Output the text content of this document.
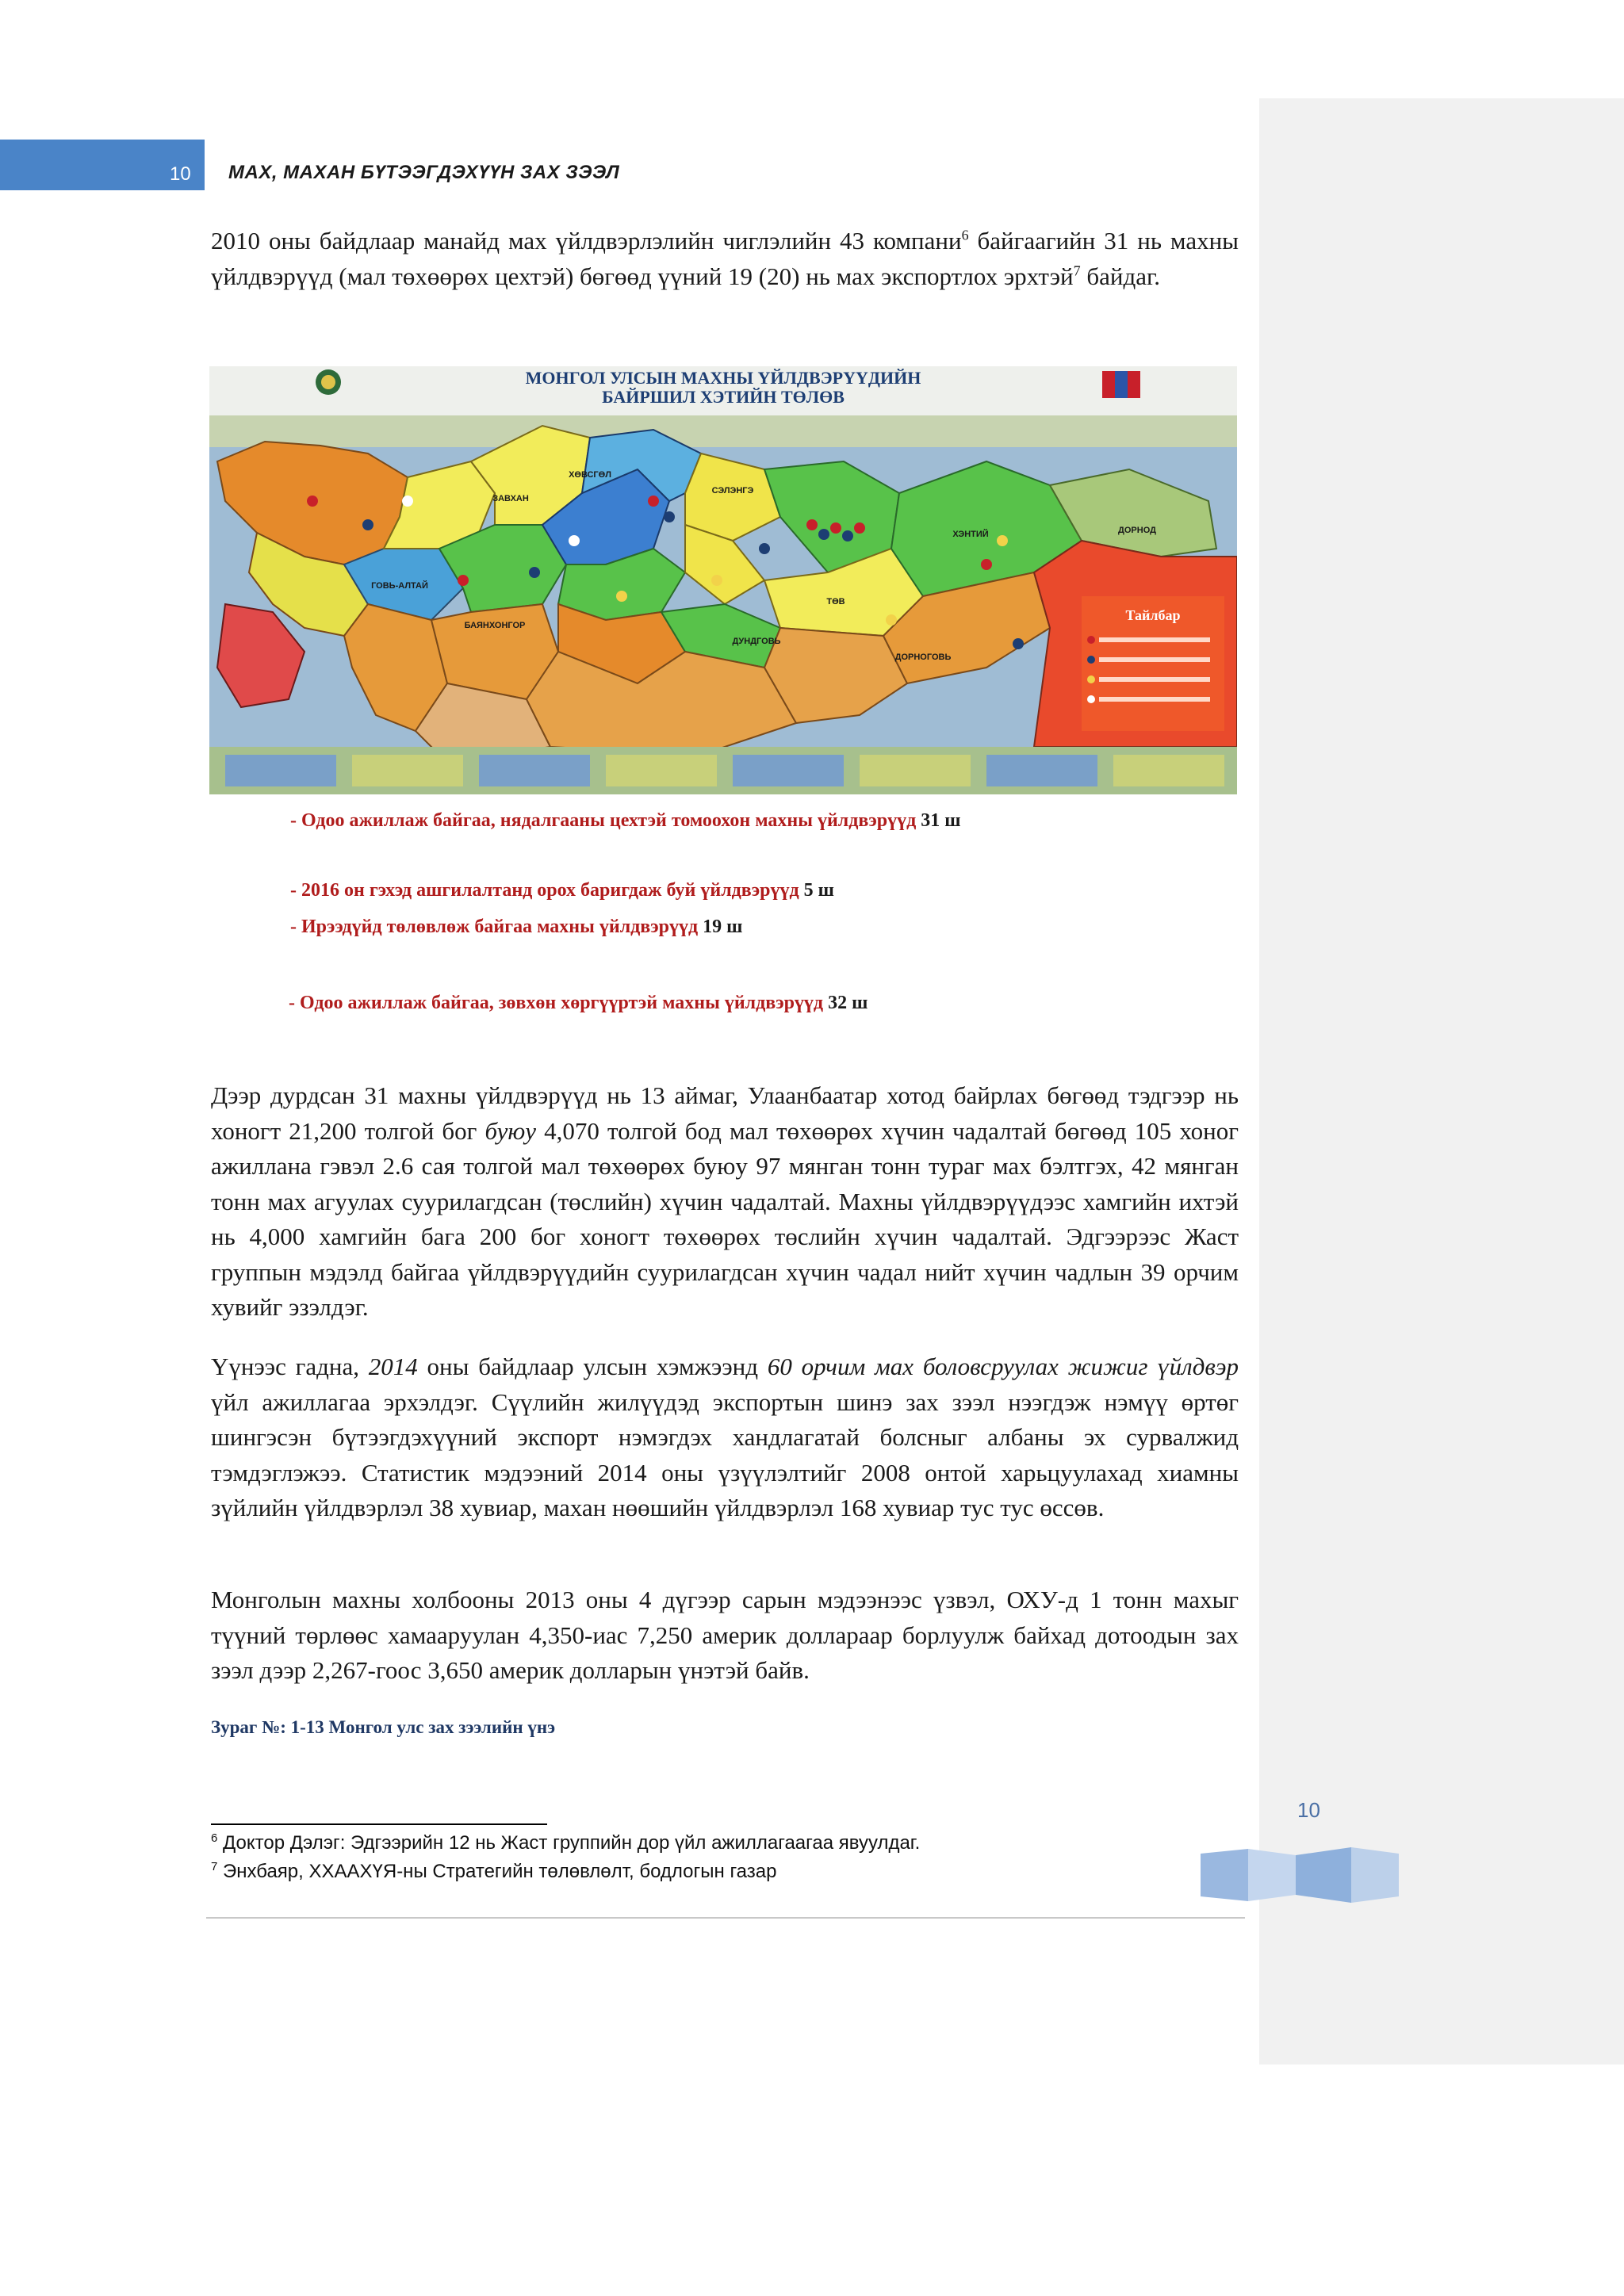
10 МАХ, МАХАН БҮТЭЭГДЭХҮҮН ЗАХ ЗЭЭЛ
2010 оны байдлаар манайд мах үйлдвэрлэлийн чиглэлийн 43 компани$^6$ байгаагийн 31 нь махны үйлдвэрүүд (мал төхөөрөх цехтэй) бөгөөд үүний 19 (20) нь мах экспортлох эрхтэй$^7$ байдаг.
МОНГОЛ УЛСЫН МАХНЫ ҮЙЛДВЭРҮҮДИЙН
БАЙРШИЛ ХЭТИЙН ТӨЛӨВ
Тайлбар
ХӨВСГӨЛ
ЗАВХАН
ГОВЬ-АЛТАЙ
БАЯНХОНГОР
ДУНДГОВЬ
ДОРНОГОВЬ
ХЭНТИЙ	ДОРНОД
СЭЛЭНГЭ
ТӨВ
- Одоо ажиллаж байгаа, нядалгааны цехтэй томоохон махны үйлдвэрүүд 31 ш
- 2016 он гэхэд ашгилалтанд орох баригдаж буй үйлдвэрүүд 5 ш
- Ирээдүйд төлөвлөж байгаа махны үйлдвэрүүд 19 ш
- Одоо ажиллаж байгаа, зөвхөн хөргүүртэй махны үйлдвэрүүд 32 ш
Дээр дурдсан 31 махны үйлдвэрүүд нь 13 аймаг, Улаанбаатар хотод байрлах бөгөөд тэдгээр нь хоногт 21,200 толгой бог буюу 4,070 толгой бод мал төхөөрөх хүчин чадалтай бөгөөд 105 хоног ажиллана гэвэл 2.6 сая толгой мал төхөөрөх буюу 97 мянган тонн тураг мах бэлтгэх, 42 мянган тонн мах агуулах суурилагдсан (төслийн) хүчин чадалтай. Махны үйлдвэрүүдээс хамгийн ихтэй нь 4,000 хамгийн бага 200 бог хоногт төхөөрөх төслийн хүчин чадалтай. Эдгээрээс Жаст группын мэдэлд байгаа үйлдвэрүүдийн суурилагдсан хүчин чадал нийт хүчин чадлын 39 орчим хувийг эзэлдэг.
Үүнээс гадна, 2014 оны байдлаар улсын хэмжээнд 60 орчим мах боловсруулах жижиг үйлдвэр үйл ажиллагаа эрхэлдэг. Сүүлийн жилүүдэд экспортын шинэ зах зээл нээгдэж нэмүү өртөг шингэсэн бүтээгдэхүүний экспорт нэмэгдэх хандлагатай болсныг албаны эх сурвалжид тэмдэглэжээ. Статистик мэдээний 2014 оны үзүүлэлтийг 2008 онтой харьцуулахад хиамны зүйлийн үйлдвэрлэл 38 хувиар, махан нөөшийн үйлдвэрлэл 168 хувиар тус тус өссөв.
Монголын махны холбооны 2013 оны 4 дүгээр сарын мэдээнээс үзвэл, ОХУ-д 1 тонн махыг түүний төрлөөс хамааруулан 4,350-иас 7,250 америк доллараар борлуулж байхад дотоодын зах зээл дээр 2,267-гоос 3,650 америк долларын үнэтэй байв.
Зураг №: 1-13 Монгол улс зах зээлийн үнэ
$^6$ Доктор Дэлэг: Эдгээрийн 12 нь Жаст группийн дор үйл ажиллагаагаа явуулдаг.
$^7$ Энхбаяр, ХХААХҮЯ-ны Стратегийн төлөвлөлт, бодлогын газар
10
